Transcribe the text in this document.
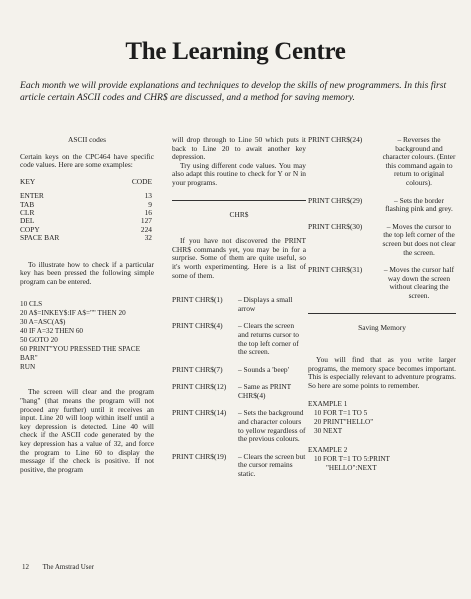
The Learning Centre
Each month we will provide explanations and techniques to develop the skills of new programmers. In this first article certain ASCII codes and CHR$ are discussed, and a method for saving memory.
ASCII codes

Certain keys on the CPC464 have specific code values. Here are some examples:

KEY	CODE

ENTER	13
TAB	9
CLR	16
DEL	127
COPY	224
SPACE BAR	32

To illustrate how to check if a particular key has been pressed the following simple program can be entered.

10 CLS
20 A$=INKEY$:IF A$="" THEN 20
30 A=ASC(A$)
40 IF A=32 THEN 60
50 GOTO 20
60 PRINT"YOU PRESSED THE SPACE BAR"
RUN

The screen will clear and the program "hang" (that means the program will not proceed any further) until it receives an input. Line 20 will loop within itself until a key depression is detected. Line 40 will check if the ASCII code generated by the key depression has a value of 32, and force the program to Line 60 to display the message if the check is positive. If not positive, the program

will drop through to Line 50 which puts it back to Line 20 to await another key depression.

Try using different code values. You may also adapt this routine to check for Y or N in your programs.

CHR$

If you have not discovered the PRINT CHR$ commands yet, you may be in for a surprise. Some of them are quite useful, so it's worth experimenting. Here is a list of some of them.

PRINT CHR$(1)	– Displays a small arrow
PRINT CHR$(4)	– Clears the screen and returns cursor to the top left corner of the screen.
PRINT CHR$(7)	– Sounds a 'beep'
PRINT CHR$(12)	– Same as PRINT CHR$(4)
PRINT CHR$(14)	– Sets the background and character colours to yellow regardless of the previous colours.
PRINT CHR$(19)	– Clears the screen but the cursor remains static.
PRINT CHR$(24)	– Reverses the background and character colours. (Enter this command again to return to original colours).
PRINT CHR$(29)	– Sets the border flashing pink and grey.
PRINT CHR$(30)	– Moves the cursor to the top left corner of the screen but does not clear the screen.
PRINT CHR$(31)	– Moves the cursor half way down the screen without clearing the screen.
Saving Memory

You will find that as you write larger programs, the memory space becomes important. This is especially relevant to adventure programs. So here are some points to remember.

EXAMPLE 1
10 FOR T=1 TO 5
20 PRINT"HELLO"
30 NEXT
EXAMPLE 2
10 FOR T=1 TO 5:PRINT
"HELLO":NEXT
12 The Amstrad User
